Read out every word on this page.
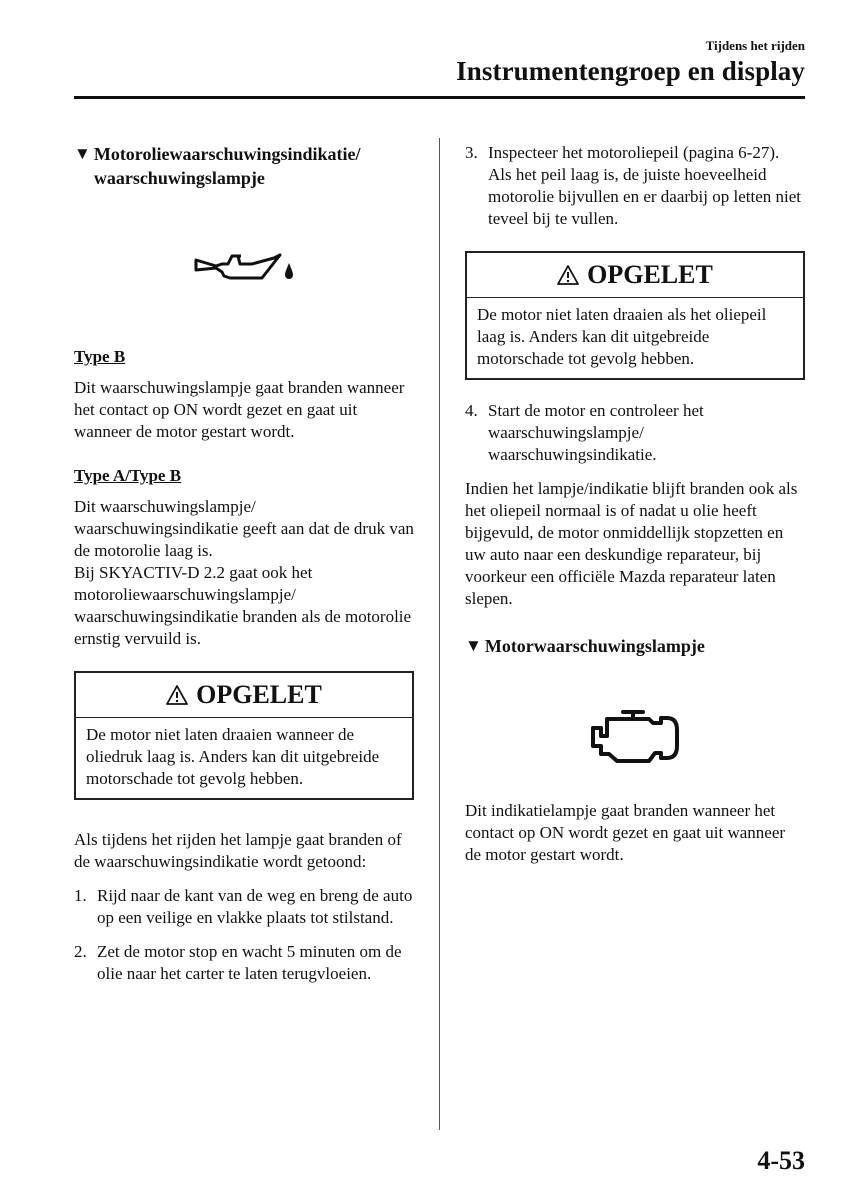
Tijdens het rijden
Instrumentengroep en display
▼ Motoroliewaarschuwingsindikatie/
waarschuwingslampje
Type B

Dit waarschuwingslampje gaat branden wanneer het contact op ON wordt gezet en gaat uit wanneer de motor gestart wordt.

Type A/Type B

Dit waarschuwingslampje/ waarschuwingsindikatie geeft aan dat de druk van de motorolie laag is.

Bij SKYACTIV-D 2.2 gaat ook het motoroliewaarschuwingslampje/ waarschuwingsindikatie branden als de motorolie ernstig vervuild is.

OPGELET
De motor niet laten draaien wanneer de oliedruk laag is. Anders kan dit uitgebreide motorschade tot gevolg hebben.

Als tijdens het rijden het lampje gaat branden of de waarschuwingsindikatie wordt getoond:

1. Rijd naar de kant van de weg en breng de auto op een veilige en vlakke plaats tot stilstand.
2. Zet de motor stop en wacht 5 minuten om de olie naar het carter te laten terugvloeien.
3. Inspecteer het motoroliepeil (pagina 6-27). Als het peil laag is, de juiste hoeveelheid motorolie bijvullen en er daarbij op letten niet teveel bij te vullen.
OPGELET
De motor niet laten draaien als het oliepeil laag is. Anders kan dit uitgebreide motorschade tot gevolg hebben.
4. Start de motor en controleer het waarschuwingslampje/ waarschuwingsindikatie.

Indien het lampje/indikatie blijft branden ook als het oliepeil normaal is of nadat u olie heeft bijgevuld, de motor onmiddellijk stopzetten en uw auto naar een deskundige reparateur, bij voorkeur een officiële Mazda reparateur laten slepen.

▼ Motorwaarschuwingslampje

Dit indikatielampje gaat branden wanneer het contact op ON wordt gezet en gaat uit wanneer de motor gestart wordt.

4-53
